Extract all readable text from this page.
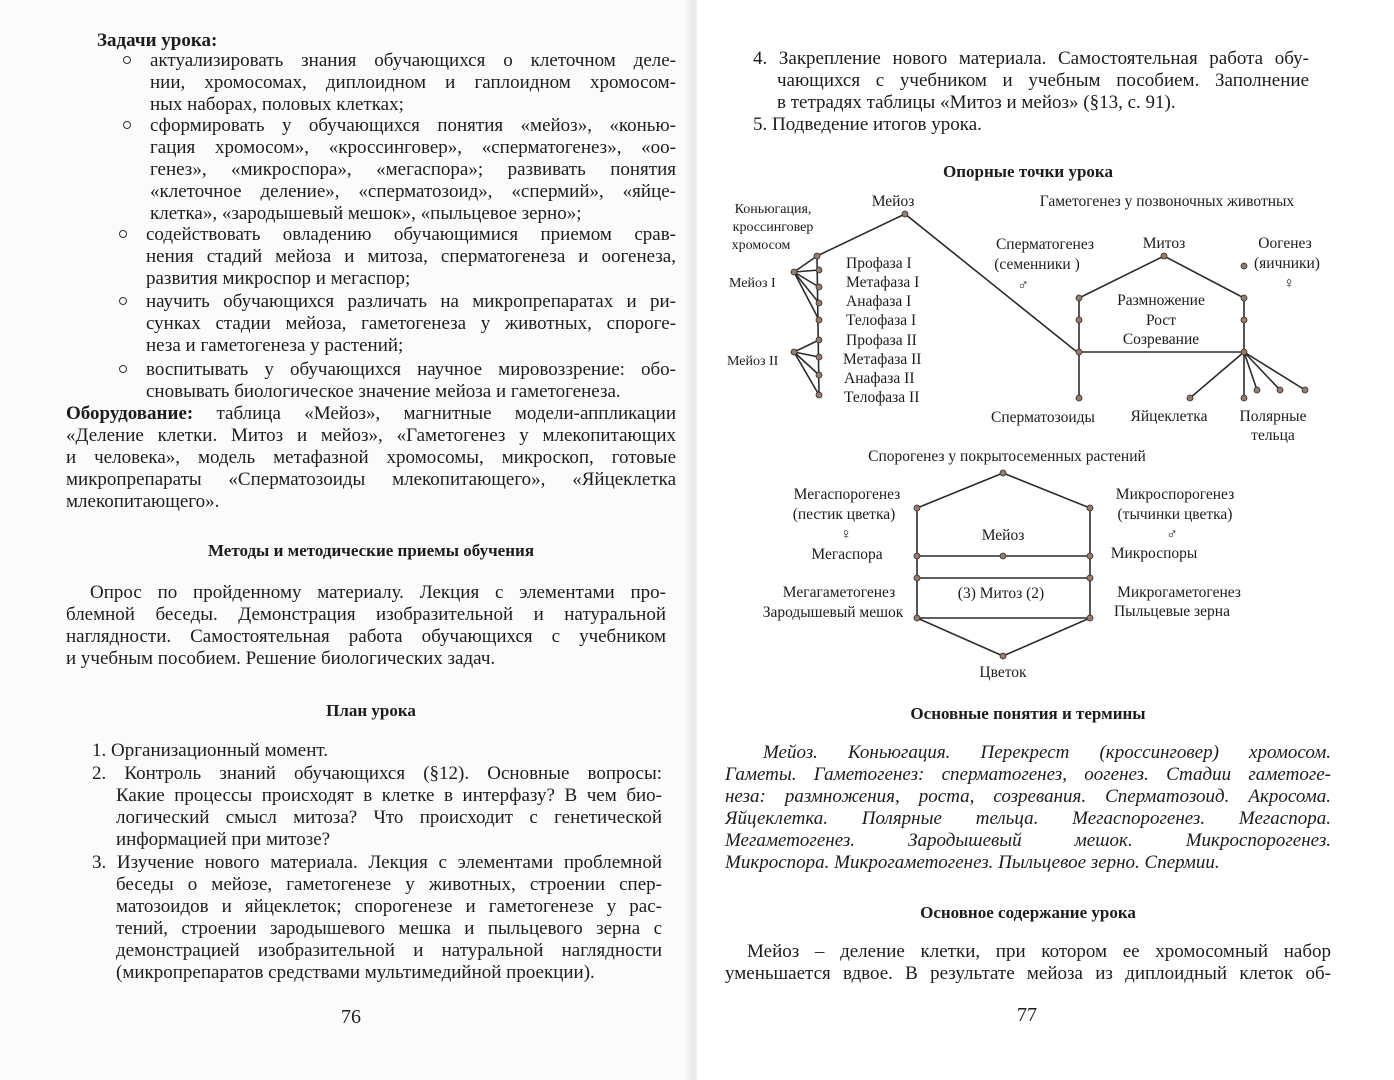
Задачи урока:
актуализировать знания обучающихся о клеточном деле-
нии, хромосомах, диплоидном и гаплоидном хромосом-
ных наборах, половых клетках;
сформировать у обучающихся понятия «мейоз», «конью-
гация хромосом», «кроссинговер», «сперматогенез», «оо-
генез», «микроспора», «мегаспора»; развивать понятия
«клеточное деление», «сперматозоид», «спермий», «яйце-
клетка», «зародышевый мешок», «пыльцевое зерно»;
содействовать овладению обучающимися приемом срав-
нения стадий мейоза и митоза, сперматогенеза и оогенеза,
развития микроспор и мегаспор;
научить обучающихся различать на микропрепаратах и ри-
сунках стадии мейоза, гаметогенеза у животных, спороге-
неза и гаметогенеза у растений;
воспитывать у обучающихся научное мировоззрение: обо-
сновывать биологическое значение мейоза и гаметогенеза.
Оборудование: таблица «Мейоз», магнитные модели-аппликации
«Деление клетки. Митоз и мейоз», «Гаметогенез у млекопитающих
и человека», модель метафазной хромосомы, микроскоп, готовые
микропрепараты «Сперматозоиды млекопитающего», «Яйцеклетка
млекопитающего».
Методы и методические приемы обучения
Опрос по пройденному материалу. Лекция с элементами про-
блемной беседы. Демонстрация изобразительной и натуральной
наглядности. Самостоятельная работа обучающихся с учебником
и учебным пособием. Решение биологических задач.
План урока
1. Организационный момент.
2. Контроль знаний обучающихся (§12). Основные вопросы:
Какие процессы происходят в клетке в интерфазу? В чем био-
логический смысл митоза? Что происходит с генетической
информацией при митозе?
3. Изучение нового материала. Лекция с элементами проблемной
беседы о мейозе, гаметогенезе у животных, строении спер-
матозоидов и яйцеклеток; спорогенезе и гаметогенезе у рас-
тений, строении зародышевого мешка и пыльцевого зерна с
демонстрацией изобразительной и натуральной наглядности
(микропрепаратов средствами мультимедийной проекции).
76
4. Закрепление нового материала. Самостоятельная работа обу-
чающихся с учебником и учебным пособием. Заполнение
в тетрадях таблицы «Митоз и мейоз» (§13, с. 91).
5. Подведение итогов урока.
Опорные точки урока
Мейоз
Коньюгация,
кроссинговер
хромосом
Мейоз I
Мейоз II
Профаза I
Метафаза I
Анафаза I
Телофаза I
Профаза II
Метафаза II
Анафаза II
Телофаза II
Гаметогенез у позвоночных животных
Сперматогенез
(семенники )
♂
Митоз	Оогенез
(яичники)
♀
Размножение
Рост
Созревание
Сперматозоиды Яйцеклетка Полярные
тельца
Спорогенез у покрытосеменных растений
Мегаспорогенез
(пестик цветка)
♀
Микроспорогенез
(тычинки цветка)
♂
Мейоз
Мегаспора	Микроспоры
Мегагаметогенез
Зародышевый мешок
(3) Митоз (2)	Микрогаметогенез
Пыльцевые зерна
Цветок
Основные понятия и термины
Мейоз. Коньюгация. Перекрест (кроссинговер) хромосом.
Гаметы. Гаметогенез: сперматогенез, оогенез. Стадии гаметоге-
неза: размножения, роста, созревания. Сперматозоид. Акросома.
Яйцеклетка. Полярные тельца. Мегаспорогенез. Мегаспора.
Мегаметогенез. Зародышевый мешок. Микроспорогенез.
Микроспора. Микрогаметогенез. Пыльцевое зерно. Спермии.
Основное содержание урока
Мейоз – деление клетки, при котором ее хромосомный набор
уменьшается вдвое. В результате мейоза из диплоидный клеток об-
77
